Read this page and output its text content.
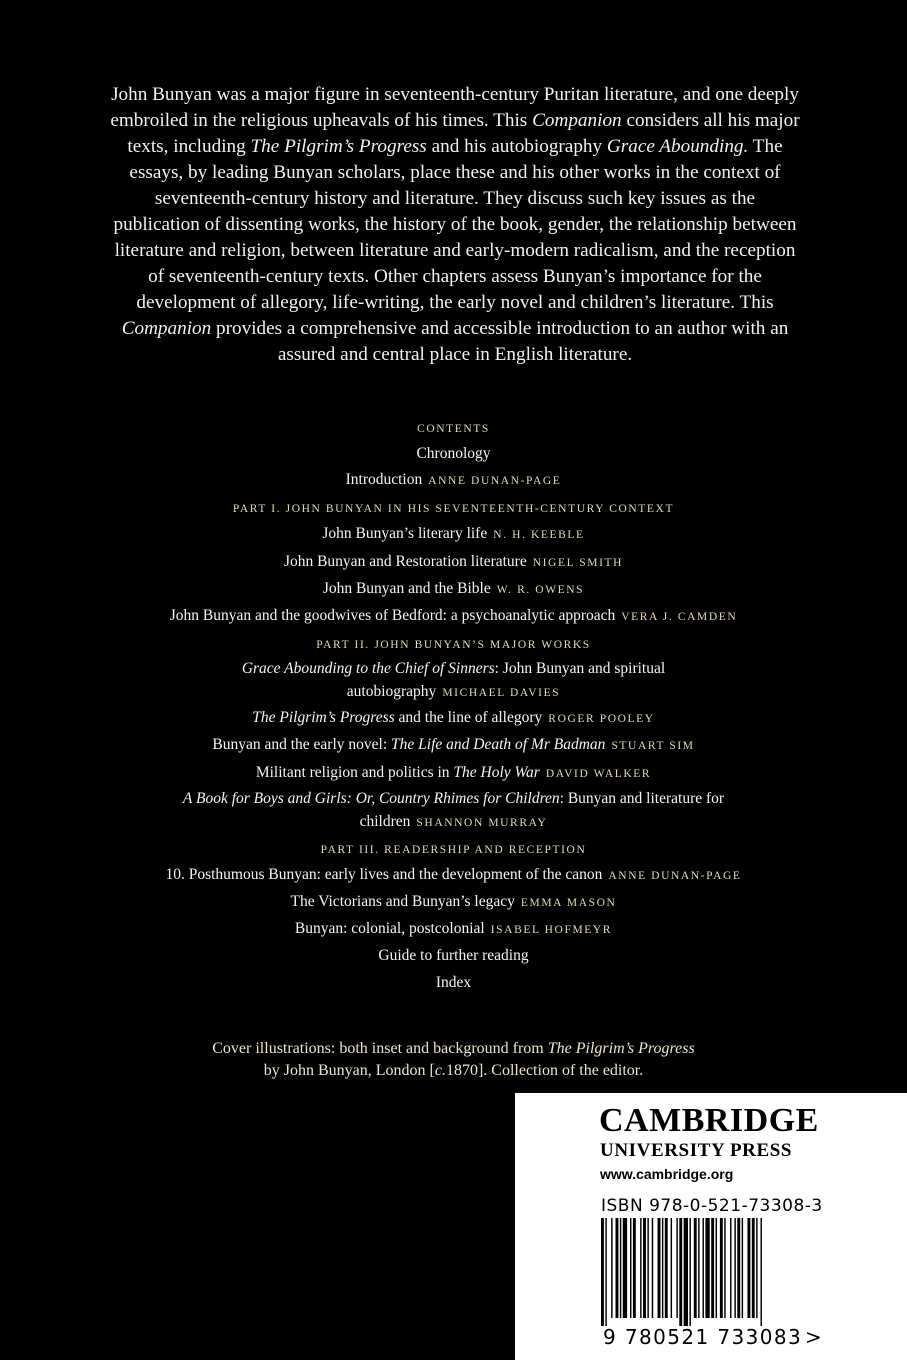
John Bunyan was a major figure in seventeenth-century Puritan literature, and one deeply embroiled in the religious upheavals of his times. This Companion considers all his major texts, including The Pilgrim’s Progress and his autobiography Grace Abounding. The essays, by leading Bunyan scholars, place these and his other works in the context of seventeenth-century history and literature. They discuss such key issues as the publication of dissenting works, the history of the book, gender, the relationship between literature and religion, between literature and early-modern radicalism, and the reception of seventeenth-century texts. Other chapters assess Bunyan’s importance for the development of allegory, life-writing, the early novel and children’s literature. This Companion provides a comprehensive and accessible introduction to an author with an assured and central place in English literature.
CONTENTS
Chronology
Introduction ANNE DUNAN-PAGE
PART I. JOHN BUNYAN IN HIS SEVENTEENTH-CENTURY CONTEXT
John Bunyan’s literary life N. H. KEEBLE
John Bunyan and Restoration literature NIGEL SMITH
John Bunyan and the Bible W. R. OWENS
John Bunyan and the goodwives of Bedford: a psychoanalytic approach VERA J. CAMDEN
PART II. JOHN BUNYAN’S MAJOR WORKS
Grace Abounding to the Chief of Sinners: John Bunyan and spiritual
autobiography MICHAEL DAVIES
The Pilgrim’s Progress and the line of allegory ROGER POOLEY
Bunyan and the early novel: The Life and Death of Mr Badman STUART SIM
Militant religion and politics in The Holy War DAVID WALKER
A Book for Boys and Girls: Or, Country Rhimes for Children: Bunyan and literature for
children SHANNON MURRAY
PART III. READERSHIP AND RECEPTION
10. Posthumous Bunyan: early lives and the development of the canon ANNE DUNAN-PAGE
The Victorians and Bunyan’s legacy EMMA MASON
Bunyan: colonial, postcolonial ISABEL HOFMEYR
Guide to further reading
Index
Cover illustrations: both inset and background from The Pilgrim’s Progress
by John Bunyan, London [c.1870]. Collection of the editor.
CAMBRIDGE
UNIVERSITY PRESS
www.cambridge.org
ISBN 978-0-521-73308-3
9 780521 733083 >
